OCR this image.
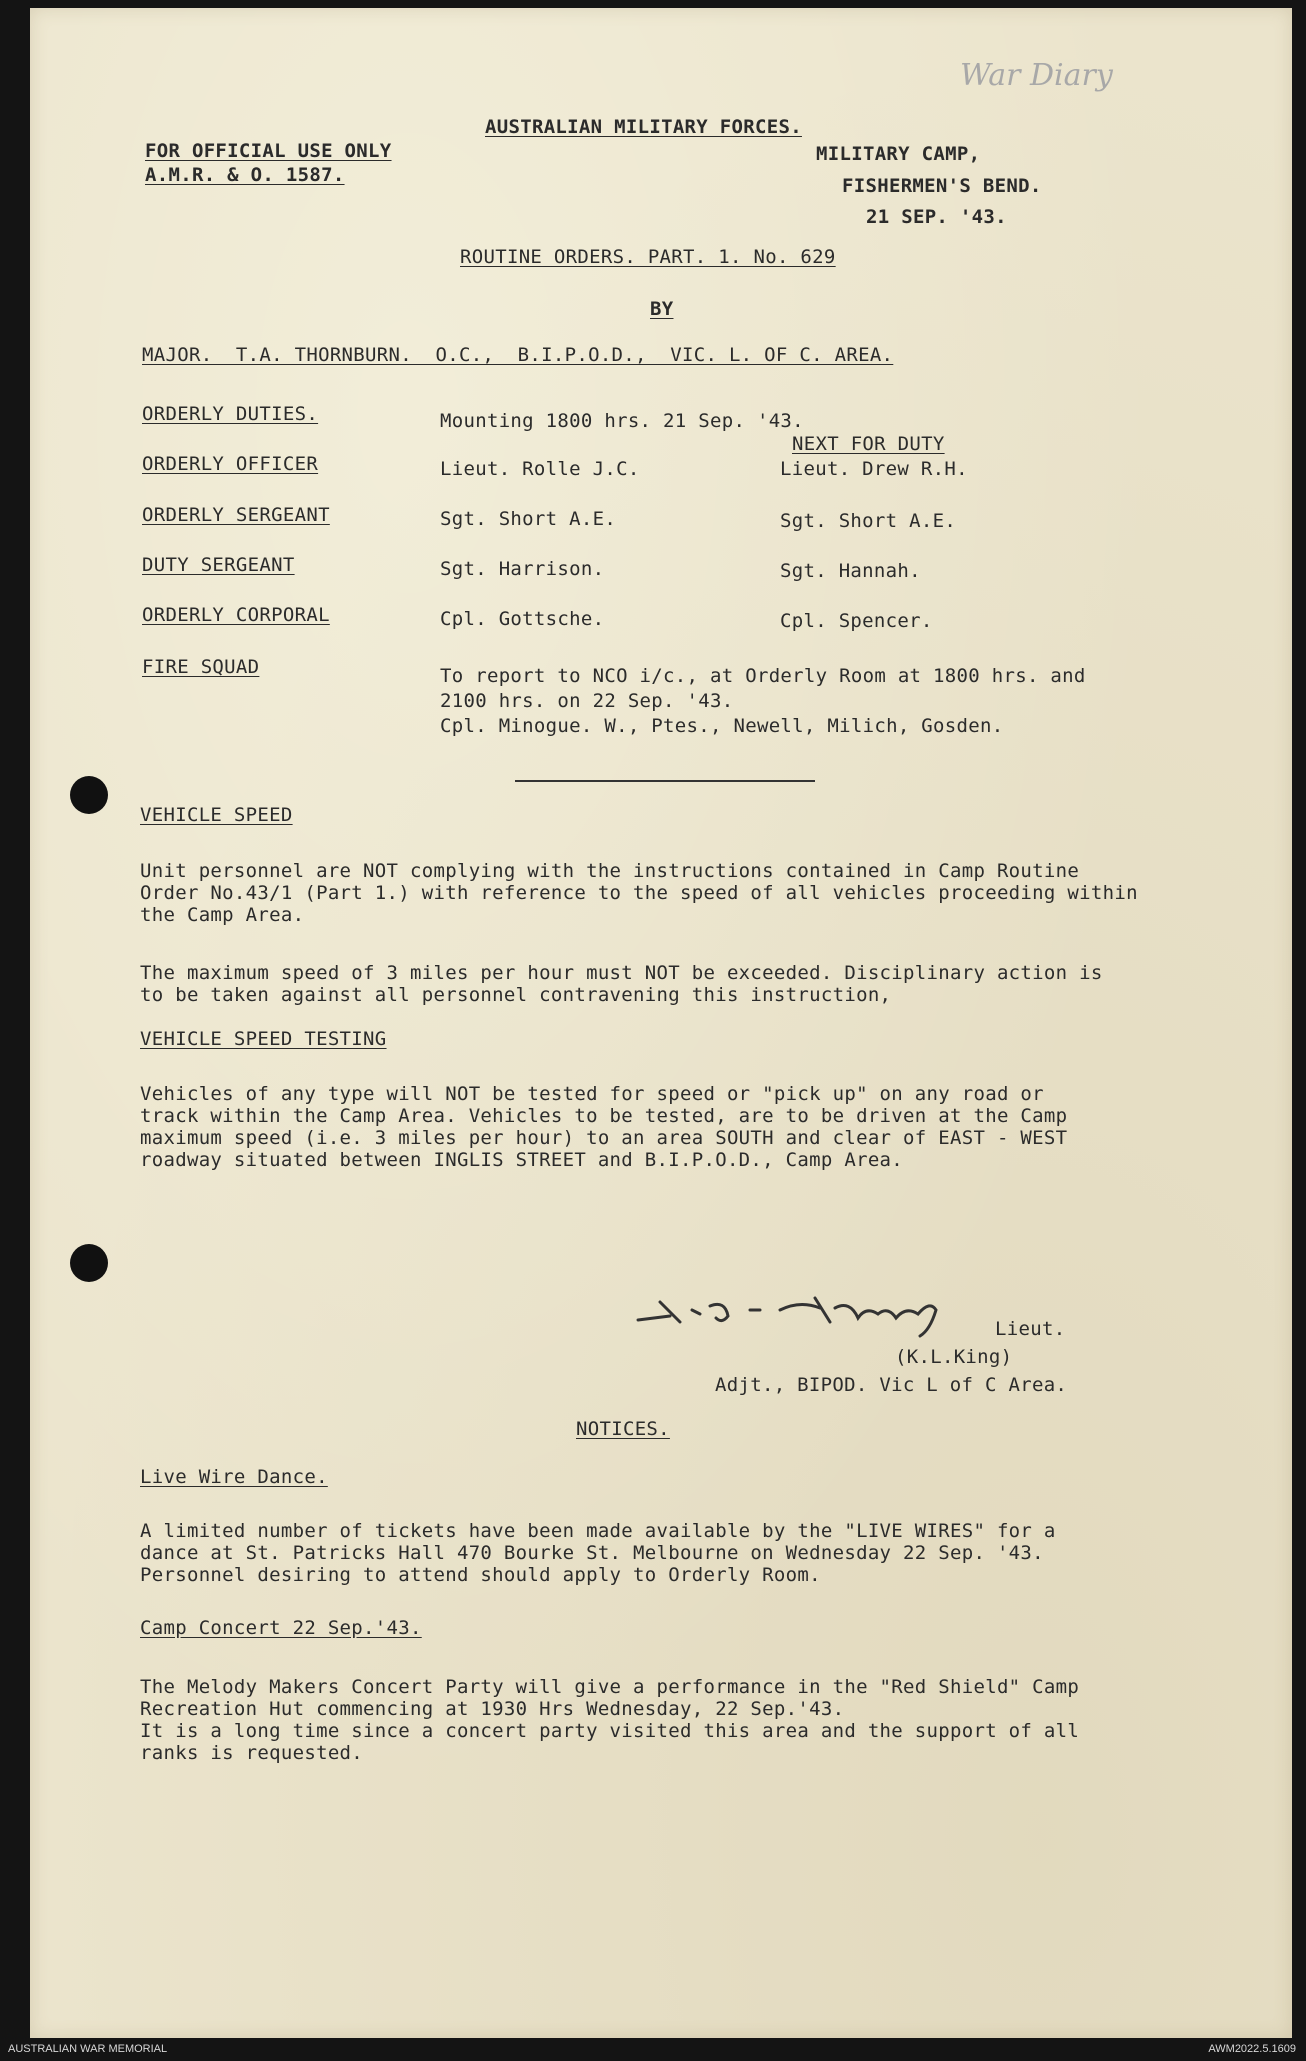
War Diary
AUSTRALIAN MILITARY FORCES.
FOR OFFICIAL USE ONLY
A.M.R. & O. 1587.
MILITARY CAMP,
FISHERMEN'S BEND.
21 SEP. '43.
ROUTINE ORDERS. PART. 1. No. 629
BY
MAJOR.  T.A. THORNBURN.  O.C.,  B.I.P.O.D.,  VIC. L. OF C. AREA.
ORDERLY DUTIES.	Mounting 1800 hrs. 21 Sep. '43.
NEXT FOR DUTY
ORDERLY OFFICER	Lieut. Rolle J.C.	Lieut. Drew R.H.
ORDERLY SERGEANT	Sgt. Short A.E.	Sgt. Short A.E.
DUTY SERGEANT	Sgt. Harrison.	Sgt. Hannah.
ORDERLY CORPORAL	Cpl. Gottsche.	Cpl. Spencer.
FIRE SQUAD	To report to NCO i/c., at Orderly Room at 1800 hrs. and
2100 hrs. on 22 Sep. '43.
Cpl. Minogue. W., Ptes., Newell, Milich, Gosden.
VEHICLE SPEED
Unit personnel are NOT complying with the instructions contained in Camp Routine
Order No.43/1 (Part 1.) with reference to the speed of all vehicles proceeding within
the Camp Area.
The maximum speed of 3 miles per hour must NOT be exceeded. Disciplinary action is
to be taken against all personnel contravening this instruction,
VEHICLE SPEED TESTING
Vehicles of any type will NOT be tested for speed or "pick up" on any road or
track within the Camp Area. Vehicles to be tested, are to be driven at the Camp
maximum speed (i.e. 3 miles per hour) to an area SOUTH and clear of EAST - WEST
roadway situated between INGLIS STREET and B.I.P.O.D., Camp Area.
Lieut.
(K.L.King)
Adjt., BIPOD. Vic L of C Area.
NOTICES.
Live Wire Dance.
A limited number of tickets have been made available by the "LIVE WIRES" for a
dance at St. Patricks Hall 470 Bourke St. Melbourne on Wednesday 22 Sep. '43.
Personnel desiring to attend should apply to Orderly Room.
Camp Concert 22 Sep.'43.
The Melody Makers Concert Party will give a performance in the "Red Shield" Camp
Recreation Hut commencing at 1930 Hrs Wednesday, 22 Sep.'43.
It is a long time since a concert party visited this area and the support of all
ranks is requested.
AUSTRALIAN WAR MEMORIAL	AWM2022.5.1609
